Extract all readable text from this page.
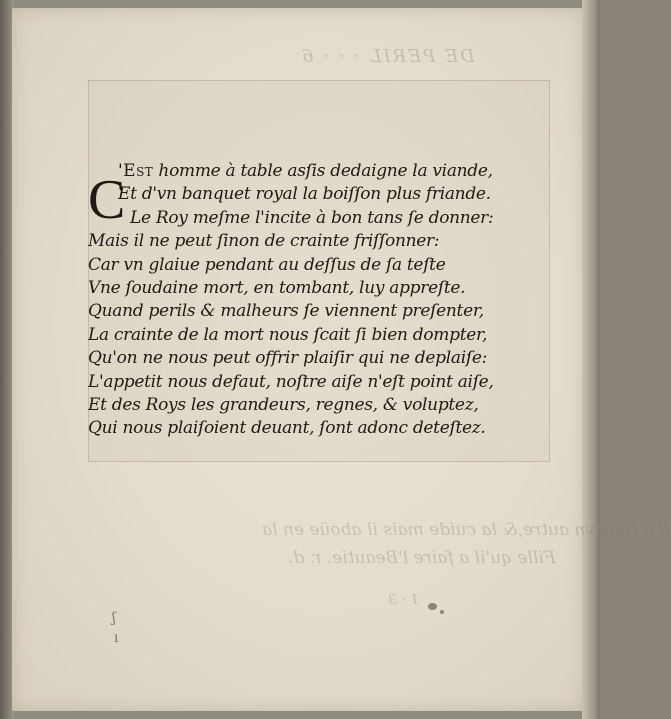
DE PERIL · · · 6
Il a ſouy vn autre,& la cuide mais il aboüe en la
Fille qu'il a faire l'Beautie. r. d.
1 · 3
C
'Est homme à table asſis dedaigne la viande,
Et d'vn banquet royal la boiſſon plus friande.
Le Roy meſme l'incite à bon tans ſe donner:
Mais il ne peut ſinon de crainte friſſonner:
Car vn glaiue pendant au deſſus de ſa teſte
Vne ſoudaine mort, en tombant, luy appreſte.
Quand perils & malheurs ſe viennent preſenter,
La crainte de la mort nous ſcait ſi bien dompter,
Qu'on ne nous peut offrir plaiſir qui ne deplaiſe:
L'appetit nous defaut, noſtre aiſe n'eſt point aiſe,
Et des Roys les grandeurs, regnes, & voluptez,
Qui nous plaiſoient deuant, ſont adonc deteſtez.
ʃ
ı
